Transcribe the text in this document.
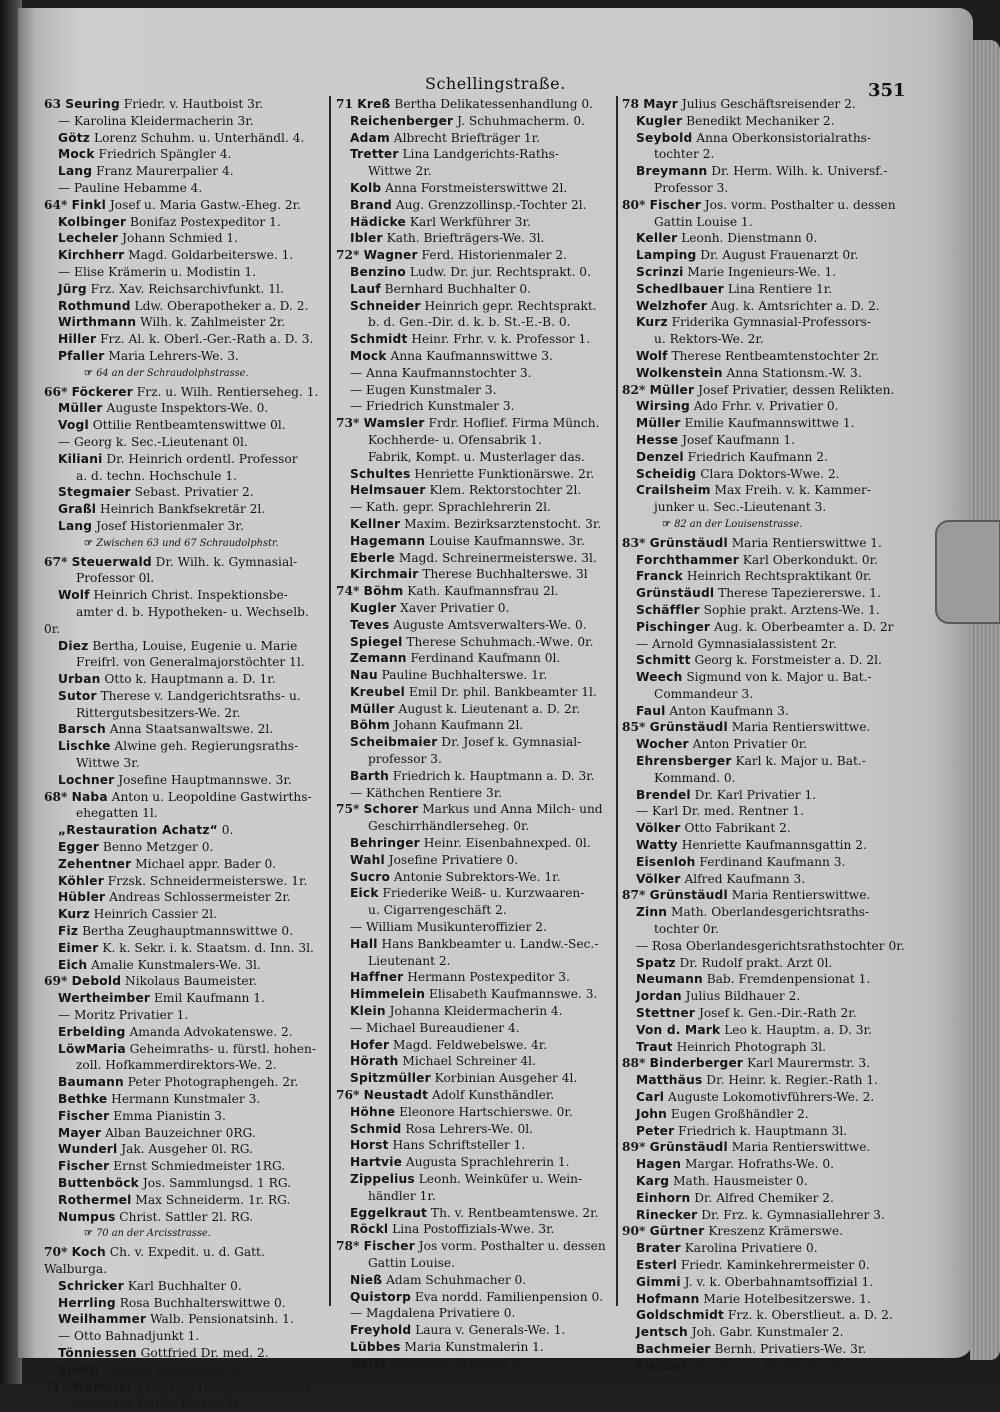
Schellingstraße.	351
63 Seuring Friedr. v. Hautboist 3r.
— Karolina Kleidermacherin 3r.
Götz Lorenz Schuhm. u. Unterhändl. 4.
Mock Friedrich Spängler 4.
Lang Franz Maurerpalier 4.
— Pauline Hebamme 4.
64* Finkl Josef u. Maria Gastw.-Eheg. 2r.
Kolbinger Bonifaz Postexpeditor 1.
Lecheler Johann Schmied 1.
Kirchherr Magd. Goldarbeiterswe. 1.
— Elise Krämerin u. Modistin 1.
Jürg Frz. Xav. Reichsarchivfunkt. 1l.
Rothmund Ldw. Oberapotheker a. D. 2.
Wirthmann Wilh. k. Zahlmeister 2r.
Hiller Frz. Al. k. Oberl.-Ger.-Rath a. D. 3.
Pfaller Maria Lehrers-We. 3.
☞ 64 an der Schraudolphstrasse.
66* Föckerer Frz. u. Wilh. Rentierseheg. 1.
Müller Auguste Inspektors-We. 0.
Vogl Ottilie Rentbeamtenswittwe 0l.
— Georg k. Sec.-Lieutenant 0l.
Kiliani Dr. Heinrich ordentl. Professor
a. d. techn. Hochschule 1.
Stegmaier Sebast. Privatier 2.
Graßl Heinrich Bankfsekretär 2l.
Lang Josef Historienmaler 3r.
☞ Zwischen 63 und 67 Schraudolphstr.
67* Steuerwald Dr. Wilh. k. Gymnasial-
Professor 0l.
Wolf Heinrich Christ. Inspektionsbe-
amter d. b. Hypotheken- u. Wechselb. 0r.
Diez Bertha, Louise, Eugenie u. Marie
Freifrl. von Generalmajorstöchter 1l.
Urban Otto k. Hauptmann a. D. 1r.
Sutor Therese v. Landgerichtsraths- u.
Rittergutsbesitzers-We. 2r.
Barsch Anna Staatsanwaltswe. 2l.
Lischke Alwine geh. Regierungsraths-
Wittwe 3r.
Lochner Josefine Hauptmannswe. 3r.
68* Naba Anton u. Leopoldine Gastwirths-
ehegatten 1l.
„Restauration Achatz“ 0.
Egger Benno Metzger 0.
Zehentner Michael appr. Bader 0.
Köhler Frzsk. Schneidermeisterswe. 1r.
Hübler Andreas Schlossermeister 2r.
Kurz Heinrich Cassier 2l.
Fiz Bertha Zeughauptmannswittwe 0.
Eimer K. k. Sekr. i. k. Staatsm. d. Inn. 3l.
Eich Amalie Kunstmalers-We. 3l.
69* Debold Nikolaus Baumeister.
Wertheimber Emil Kaufmann 1.
— Moritz Privatier 1.
Erbelding Amanda Advokatenswe. 2.
LöwMaria Geheimraths- u. fürstl. hohen-
zoll. Hofkammerdirektors-We. 2.
Baumann Peter Photographengeh. 2r.
Bethke Hermann Kunstmaler 3.
Fischer Emma Pianistin 3.
Mayer Alban Bauzeichner 0RG.
Wunderl Jak. Ausgeher 0l. RG.
Fischer Ernst Schmiedmeister 1RG.
Buttenböck Jos. Sammlungsd. 1 RG.
Rothermel Max Schneiderm. 1r. RG.
Numpus Christ. Sattler 2l. RG.
☞ 70 an der Arcisstrasse.
70* Koch Ch. v. Expedit. u. d. Gatt. Walburga.
Schricker Karl Buchhalter 0.
Herrling Rosa Buchhalterswittwe 0.
Weilhammer Walb. Pensionatsinh. 1.
— Otto Bahnadjunkt 1.
Tönniessen Gottfried Dr. med. 2.
Smith Virginia Kunstmalerin 4.
71* Wamsler Friedrich Hoflief., Fabrikant
u. dessen Gattin Bertha 1l.
71 Kreß Bertha Delikatessenhandlung 0.
Reichenberger J. Schuhmacherm. 0.
Adam Albrecht Briefträger 1r.
Tretter Lina Landgerichts-Raths-
Wittwe 2r.
Kolb Anna Forstmeisterswittwe 2l.
Brand Aug. Grenzzollinsp.-Tochter 2l.
Hädicke Karl Werkführer 3r.
Ibler Kath. Briefträgers-We. 3l.
72* Wagner Ferd. Historienmaler 2.
Benzino Ludw. Dr. jur. Rechtsprakt. 0.
Lauf Bernhard Buchhalter 0.
Schneider Heinrich gepr. Rechtsprakt.
b. d. Gen.-Dir. d. k. b. St.-E.-B. 0.
Schmidt Heinr. Frhr. v. k. Professor 1.
Mock Anna Kaufmannswittwe 3.
— Anna Kaufmannstochter 3.
— Eugen Kunstmaler 3.
— Friedrich Kunstmaler 3.
73* Wamsler Frdr. Hoflief. Firma Münch.
Kochherde- u. Ofensabrik 1.
Fabrik, Kompt. u. Musterlager das.
Schultes Henriette Funktionärswe. 2r.
Helmsauer Klem. Rektorstochter 2l.
— Kath. gepr. Sprachlehrerin 2l.
Kellner Maxim. Bezirksarztenstocht. 3r.
Hagemann Louise Kaufmannswe. 3r.
Eberle Magd. Schreinermeisterswe. 3l.
Kirchmair Therese Buchhalterswe. 3l
74* Böhm Kath. Kaufmannsfrau 2l.
Kugler Xaver Privatier 0.
Teves Auguste Amtsverwalters-We. 0.
Spiegel Therese Schuhmach.-Wwe. 0r.
Zemann Ferdinand Kaufmann 0l.
Nau Pauline Buchhalterswe. 1r.
Kreubel Emil Dr. phil. Bankbeamter 1l.
Müller August k. Lieutenant a. D. 2r.
Böhm Johann Kaufmann 2l.
Scheibmaier Dr. Josef k. Gymnasial-
professor 3.
Barth Friedrich k. Hauptmann a. D. 3r.
— Käthchen Rentiere 3r.
75* Schorer Markus und Anna Milch- und
Geschirrhändlerseheg. 0r.
Behringer Heinr. Eisenbahnexped. 0l.
Wahl Josefine Privatiere 0.
Sucro Antonie Subrektors-We. 1r.
Eick Friederike Weiß- u. Kurzwaaren-
u. Cigarrengeschäft 2.
— William Musikunteroffizier 2.
Hall Hans Bankbeamter u. Landw.-Sec.-
Lieutenant 2.
Haffner Hermann Postexpeditor 3.
Himmelein Elisabeth Kaufmannswe. 3.
Klein Johanna Kleidermacherin 4.
— Michael Bureaudiener 4.
Hofer Magd. Feldwebelswe. 4r.
Hörath Michael Schreiner 4l.
Spitzmüller Korbinian Ausgeher 4l.
76* Neustadt Adolf Kunsthändler.
Höhne Eleonore Hartschierswe. 0r.
Schmid Rosa Lehrers-We. 0l.
Horst Hans Schriftsteller 1.
Hartvie Augusta Sprachlehrerin 1.
Zippelius Leonh. Weinküfer u. Wein-
händler 1r.
Eggelkraut Th. v. Rentbeamtenswe. 2r.
Röckl Lina Postoffizials-Wwe. 3r.
78* Fischer Jos vorm. Posthalter u. dessen
Gattin Louise.
Nieß Adam Schuhmacher 0.
Quistorp Eva nordd. Familienpension 0.
— Magdalena Privatiere 0.
Freyhold Laura v. Generals-We. 1.
Lübbes Maria Kunstmalerin 1.
Geist Sebastian Privatier 2.
78 Mayr Julius Geschäftsreisender 2.
Kugler Benedikt Mechaniker 2.
Seybold Anna Oberkonsistorialraths-
tochter 2.
Breymann Dr. Herm. Wilh. k. Universf.-
Professor 3.
80* Fischer Jos. vorm. Posthalter u. dessen
Gattin Louise 1.
Keller Leonh. Dienstmann 0.
Lamping Dr. August Frauenarzt 0r.
Scrinzi Marie Ingenieurs-We. 1.
Schedlbauer Lina Rentiere 1r.
Welzhofer Aug. k. Amtsrichter a. D. 2.
Kurz Friderika Gymnasial-Professors-
u. Rektors-We. 2r.
Wolf Therese Rentbeamtenstochter 2r.
Wolkenstein Anna Stationsm.-W. 3.
82* Müller Josef Privatier, dessen Relikten.
Wirsing Ado Frhr. v. Privatier 0.
Müller Emilie Kaufmannswittwe 1.
Hesse Josef Kaufmann 1.
Denzel Friedrich Kaufmann 2.
Scheidig Clara Doktors-Wwe. 2.
Crailsheim Max Freih. v. k. Kammer-
junker u. Sec.-Lieutenant 3.
☞ 82 an der Louisenstrasse.
83* Grünstäudl Maria Rentierswittwe 1.
Forchthammer Karl Oberkondukt. 0r.
Franck Heinrich Rechtspraktikant 0r.
Grünstäudl Therese Tapeziererswe. 1.
Schäffler Sophie prakt. Arztens-We. 1.
Pischinger Aug. k. Oberbeamter a. D. 2r
— Arnold Gymnasialassistent 2r.
Schmitt Georg k. Forstmeister a. D. 2l.
Weech Sigmund von k. Major u. Bat.-
Commandeur 3.
Faul Anton Kaufmann 3.
85* Grünstäudl Maria Rentierswittwe.
Wocher Anton Privatier 0r.
Ehrensberger Karl k. Major u. Bat.-
Kommand. 0.
Brendel Dr. Karl Privatier 1.
— Karl Dr. med. Rentner 1.
Völker Otto Fabrikant 2.
Watty Henriette Kaufmannsgattin 2.
Eisenloh Ferdinand Kaufmann 3.
Völker Alfred Kaufmann 3.
87* Grünstäudl Maria Rentierswittwe.
Zinn Math. Oberlandesgerichtsraths-
tochter 0r.
— Rosa Oberlandesgerichtsrathstochter 0r.
Spatz Dr. Rudolf prakt. Arzt 0l.
Neumann Bab. Fremdenpensionat 1.
Jordan Julius Bildhauer 2.
Stettner Josef k. Gen.-Dir.-Rath 2r.
Von d. Mark Leo k. Hauptm. a. D. 3r.
Traut Heinrich Photograph 3l.
88* Binderberger Karl Maurermstr. 3.
Matthäus Dr. Heinr. k. Regier.-Rath 1.
Carl Auguste Lokomotivführers-We. 2.
John Eugen Großhändler 2.
Peter Friedrich k. Hauptmann 3l.
89* Grünstäudl Maria Rentierswittwe.
Hagen Margar. Hofraths-We. 0.
Karg Math. Hausmeister 0.
Einhorn Dr. Alfred Chemiker 2.
Rinecker Dr. Frz. k. Gymnasiallehrer 3.
90* Gürtner Kreszenz Krämerswe.
Brater Karolina Privatiere 0.
Esterl Friedr. Kaminkehrermeister 0.
Gimmi J. v. k. Oberbahnamtsoffizial 1.
Hofmann Marie Hotelbesitzerswe. 1.
Goldschmidt Frz. k. Oberstlieut. a. D. 2.
Jentsch Joh. Gabr. Kunstmaler 2.
Bachmeier Bernh. Privatiers-We. 3r.
Fischer Christ. jun. Kaufmann 3r.
